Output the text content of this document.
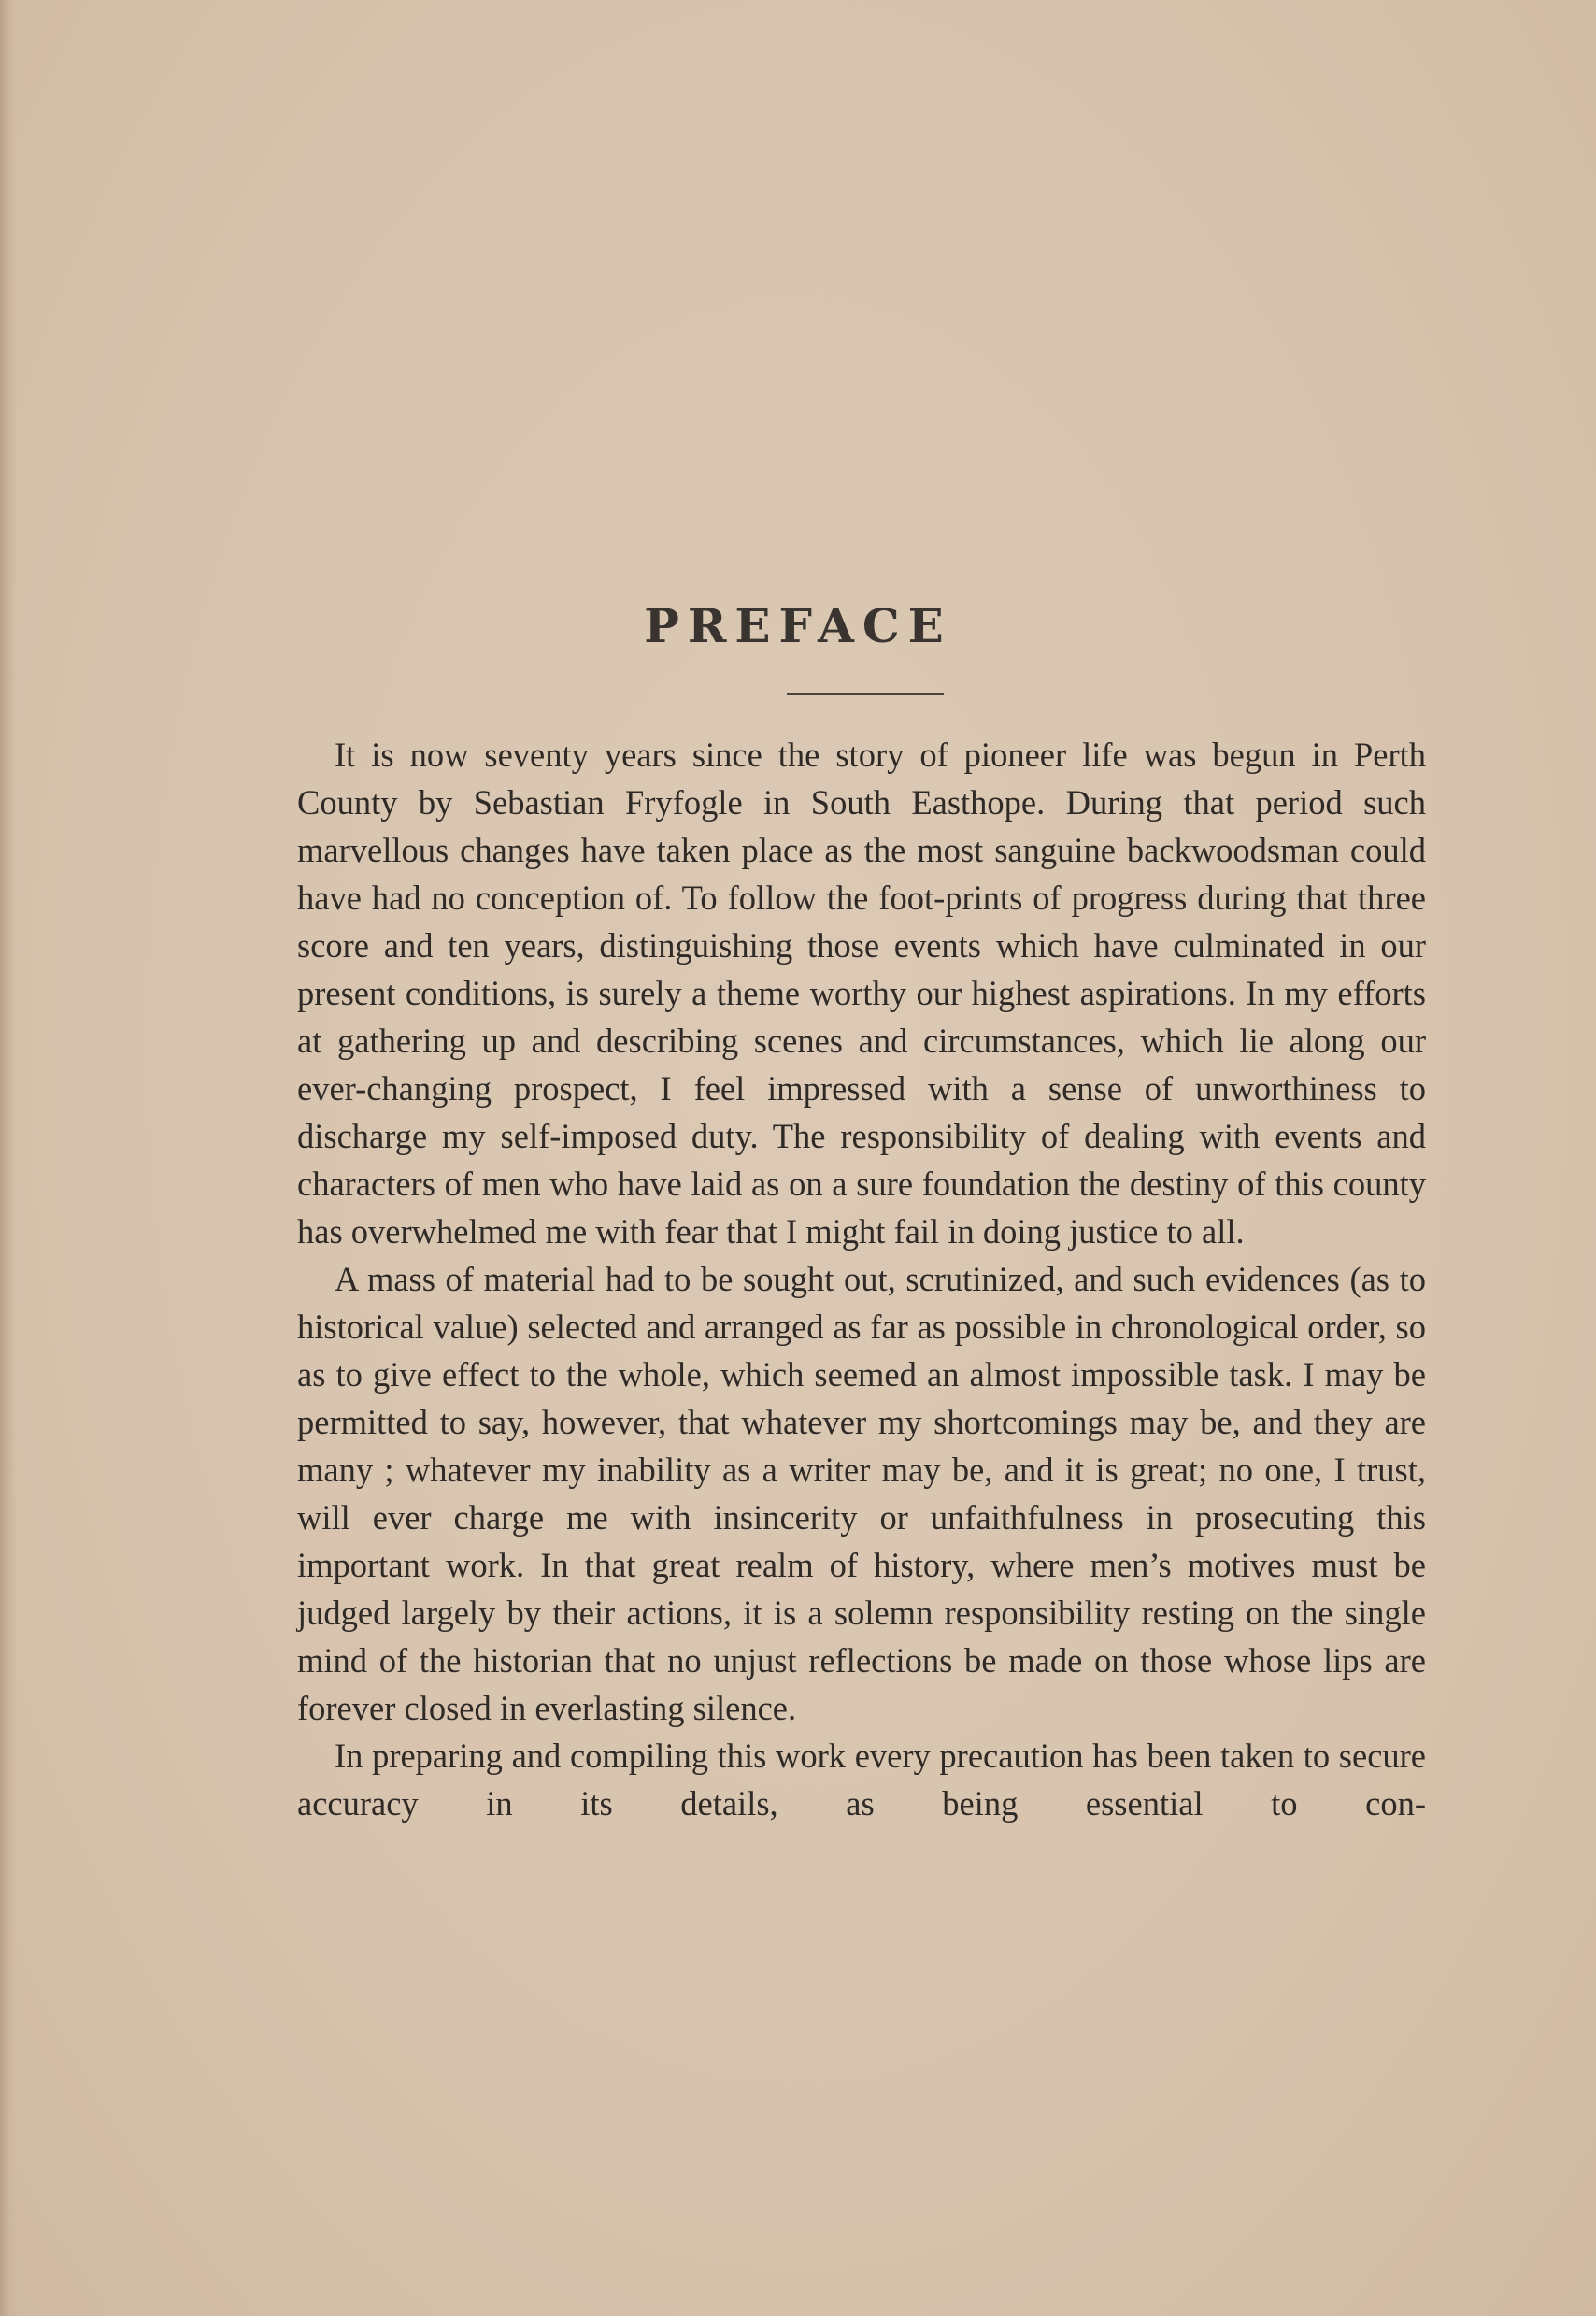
PREFACE

It is now seventy years since the story of pioneer life was begun in Perth County by Sebastian Fryfogle in South Easthope. During that period such marvellous changes have taken place as the most sanguine backwoodsman could have had no conception of. To follow the foot-prints of progress during that three score and ten years, distinguishing those events which have culminated in our present conditions, is surely a theme worthy our highest aspirations. In my efforts at gathering up and describing scenes and circumstances, which lie along our ever-changing prospect, I feel impressed with a sense of unworthiness to discharge my self-imposed duty. The responsibility of dealing with events and characters of men who have laid as on a sure foundation the destiny of this county has overwhelmed me with fear that I might fail in doing justice to all.

A mass of material had to be sought out, scrutinized, and such evidences (as to historical value) selected and arranged as far as possible in chronological order, so as to give effect to the whole, which seemed an almost impossible task. I may be permitted to say, however, that whatever my shortcomings may be, and they are many ; whatever my inability as a writer may be, and it is great; no one, I trust, will ever charge me with insincerity or unfaithfulness in prosecuting this important work. In that great realm of history, where men’s motives must be judged largely by their actions, it is a solemn responsibility resting on the single mind of the historian that no unjust reflections be made on those whose lips are forever closed in everlasting silence.

In preparing and compiling this work every precaution has been taken to secure accuracy in its details, as being essential to con-
